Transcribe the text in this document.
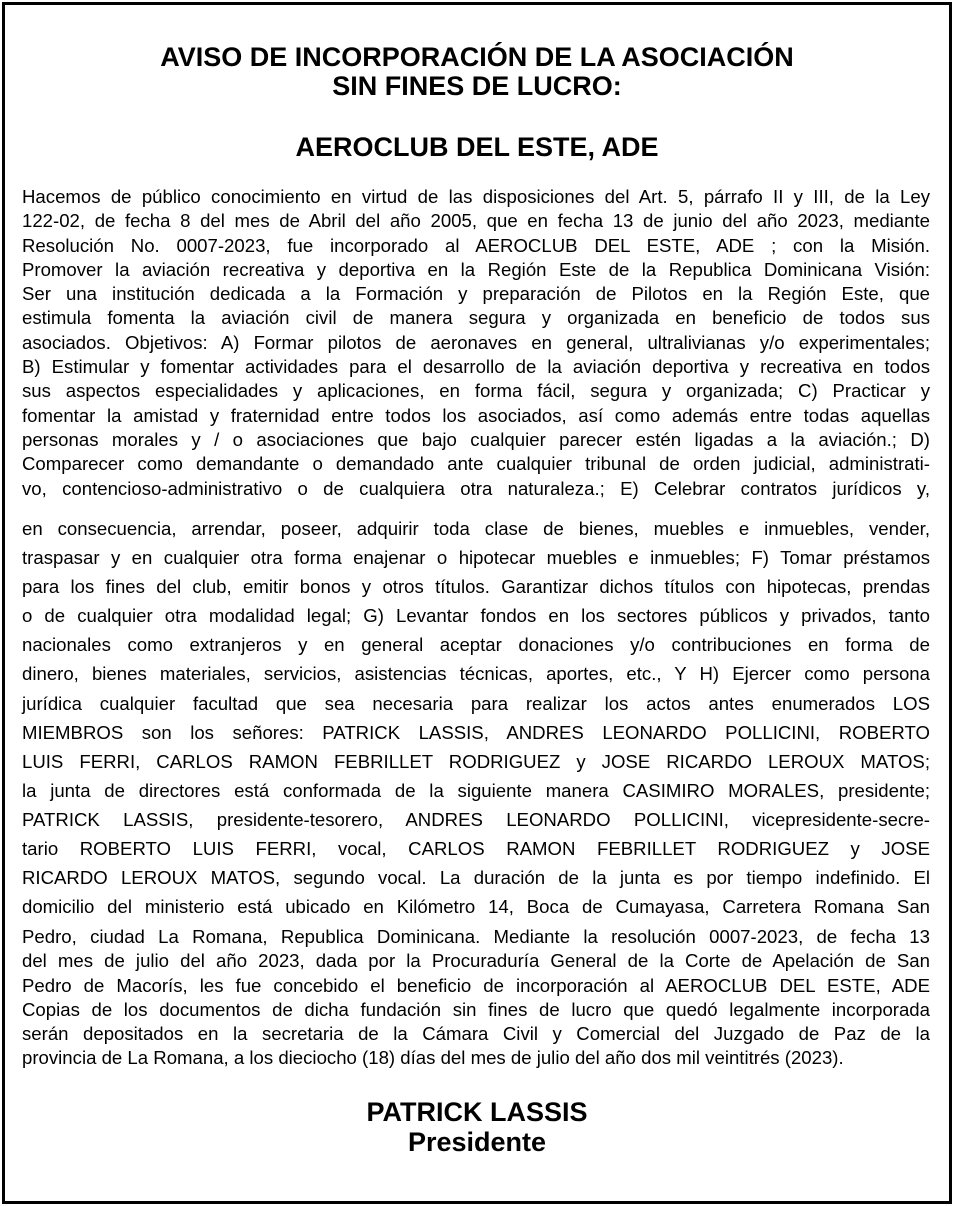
AVISO DE INCORPORACIÓN DE LA ASOCIACIÓN
SIN FINES DE LUCRO:
AEROCLUB DEL ESTE, ADE
Hacemos de público conocimiento en virtud de las disposiciones del Art. 5, párrafo II y III, de la Ley
122-02, de fecha 8 del mes de Abril del año 2005, que en fecha 13 de junio del año 2023, mediante
Resolución No. 0007-2023, fue incorporado al AEROCLUB DEL ESTE, ADE ; con la Misión.
Promover la aviación recreativa y deportiva en la Región Este de la Republica Dominicana Visión:
Ser una institución dedicada a la Formación y preparación de Pilotos en la Región Este, que
estimula fomenta la aviación civil de manera segura y organizada en beneficio de todos sus
asociados. Objetivos: A) Formar pilotos de aeronaves en general, ultralivianas y/o experimentales;
B) Estimular y fomentar actividades para el desarrollo de la aviación deportiva y recreativa en todos
sus aspectos especialidades y aplicaciones, en forma fácil, segura y organizada; C) Practicar y
fomentar la amistad y fraternidad entre todos los asociados, así como además entre todas aquellas
personas morales y / o asociaciones que bajo cualquier parecer estén ligadas a la aviación.; D)
Comparecer como demandante o demandado ante cualquier tribunal de orden judicial, administrati-
vo, contencioso-administrativo o de cualquiera otra naturaleza.; E) Celebrar contratos jurídicos y,
en consecuencia, arrendar, poseer, adquirir toda clase de bienes, muebles e inmuebles, vender,
traspasar y en cualquier otra forma enajenar o hipotecar muebles e inmuebles; F) Tomar préstamos
para los fines del club, emitir bonos y otros títulos. Garantizar dichos títulos con hipotecas, prendas
o de cualquier otra modalidad legal; G) Levantar fondos en los sectores públicos y privados, tanto
nacionales como extranjeros y en general aceptar donaciones y/o contribuciones en forma de
dinero, bienes materiales, servicios, asistencias técnicas, aportes, etc., Y H) Ejercer como persona
jurídica cualquier facultad que sea necesaria para realizar los actos antes enumerados LOS
MIEMBROS son los señores: PATRICK LASSIS, ANDRES LEONARDO POLLICINI, ROBERTO
LUIS FERRI, CARLOS RAMON FEBRILLET RODRIGUEZ y JOSE RICARDO LEROUX MATOS;
la junta de directores está conformada de la siguiente manera CASIMIRO MORALES, presidente;
PATRICK LASSIS, presidente-tesorero, ANDRES LEONARDO POLLICINI, vicepresidente-secre-
tario ROBERTO LUIS FERRI, vocal, CARLOS RAMON FEBRILLET RODRIGUEZ y JOSE
RICARDO LEROUX MATOS, segundo vocal. La duración de la junta es por tiempo indefinido. El
domicilio del ministerio está ubicado en Kilómetro 14, Boca de Cumayasa, Carretera Romana San
Pedro, ciudad La Romana, Republica Dominicana. Mediante la resolución 0007-2023, de fecha 13
del mes de julio del año 2023, dada por la Procuraduría General de la Corte de Apelación de San
Pedro de Macorís, les fue concebido el beneficio de incorporación al AEROCLUB DEL ESTE, ADE
Copias de los documentos de dicha fundación sin fines de lucro que quedó legalmente incorporada
serán depositados en la secretaria de la Cámara Civil y Comercial del Juzgado de Paz de la
provincia de La Romana, a los dieciocho (18) días del mes de julio del año dos mil veintitrés (2023).
PATRICK LASSIS
Presidente
